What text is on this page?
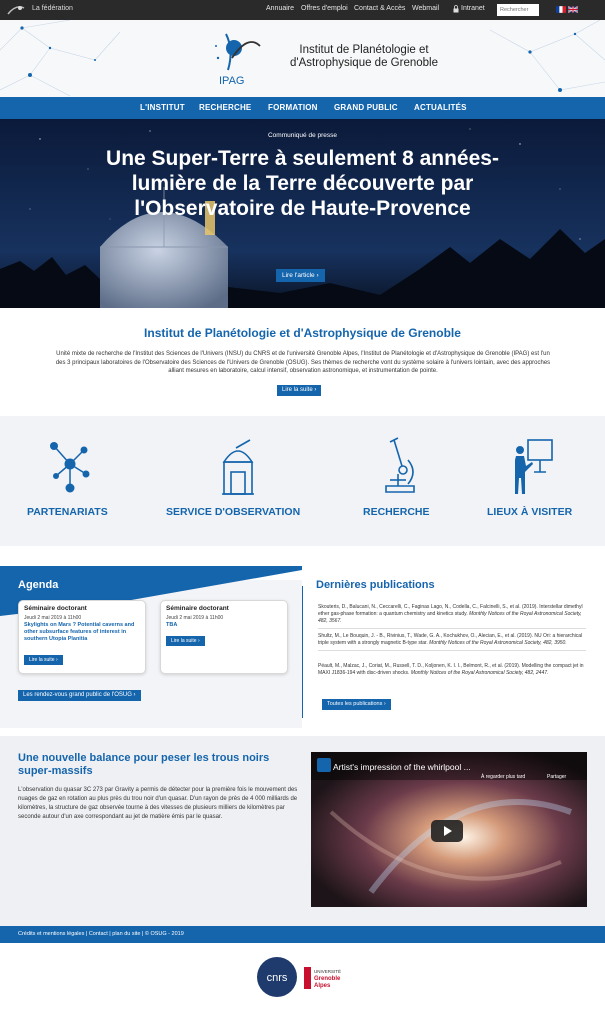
La fédération	Annuaire Offres d'emploi Contact & Accès Webmail	Intranet
Rechercher
IPAG
Institut de Planétologie et d'Astrophysique de Grenoble
L'INSTITUT RECHERCHE FORMATION GRAND PUBLIC ACTUALITÉS
Communiqué de presse
Une Super-Terre à seulement 8 années-lumière de la Terre découverte par l'Observatoire de Haute-Provence
Lire l'article ›
Institut de Planétologie et d'Astrophysique de Grenoble
Unité mixte de recherche de l'Institut des Sciences de l'Univers (INSU) du CNRS et de l'université Grenoble Alpes, l'Institut de Planétologie et d'Astrophysique de Grenoble (IPAG) est l'un des 3 principaux laboratoires de l'Observatoire des Sciences de l'Univers de Grenoble (OSUG). Ses thèmes de recherche vont du système solaire à l'univers lointain, avec des approches alliant mesures en laboratoire, calcul intensif, observation astronomique, et instrumentation de pointe.
Lire la suite ›
PARTENARIATS	SERVICE D'OBSERVATION	RECHERCHE	LIEUX À VISITER
Agenda
Séminaire doctorant
Jeudi 2 mai 2019 à 11h00
Skylights on Mars ? Potential caverns and other subsurface features of interest in southern Utopia Planitia
Lire la suite ›
Séminaire doctorant
Jeudi 2 mai 2019 à 11h00
TBA
Lire la suite ›
Les rendez-vous grand public de l'OSUG ›
Dernières publications
Skouteris, D., Balucani, N., Ceccarelli, C., Faginas Lago, N., Codella, C., Falcinelli, S., et al. (2019). Interstellar dimethyl ether gas-phase formation: a quantum chemistry and kinetics study. Monthly Notices of the Royal Astronomical Society, 482, 3567.
Shultz, M., Le Bouquin, J. - B., Rivinius, T., Wade, G. A., Kochukhov, O., Alecian, E., et al. (2019). NU Ori: a hierarchical triple system with a strongly magnetic B-type star. Monthly Notices of the Royal Astronomical Society, 482, 3950.
Péault, M., Malzac, J., Coriat, M., Russell, T. D., Koljonen, K. I. I., Belmont, R., et al. (2019). Modelling the compact jet in MAXI J1836-194 with disc-driven shocks. Monthly Notices of the Royal Astronomical Society, 482, 2447.
Toutes les publications ›
Une nouvelle balance pour peser les trous noirs super-massifs
L'observation du quasar 3C 273 par Gravity a permis de détecter pour la première fois le mouvement des nuages de gaz en rotation au plus près du trou noir d'un quasar. D'un rayon de près de 4 000 milliards de kilomètres, la structure de gaz observée tourne à des vitesses de plusieurs milliers de kilomètres par seconde autour d'un axe correspondant au jet de matière émis par le quasar.
Artist's impression of the whirlpool ...
À regarder plus tard	Partager
Crédits et mentions légales | Contact | plan du site | © OSUG - 2019
cnrs
UNIVERSITÉ
Grenoble
Alpes
